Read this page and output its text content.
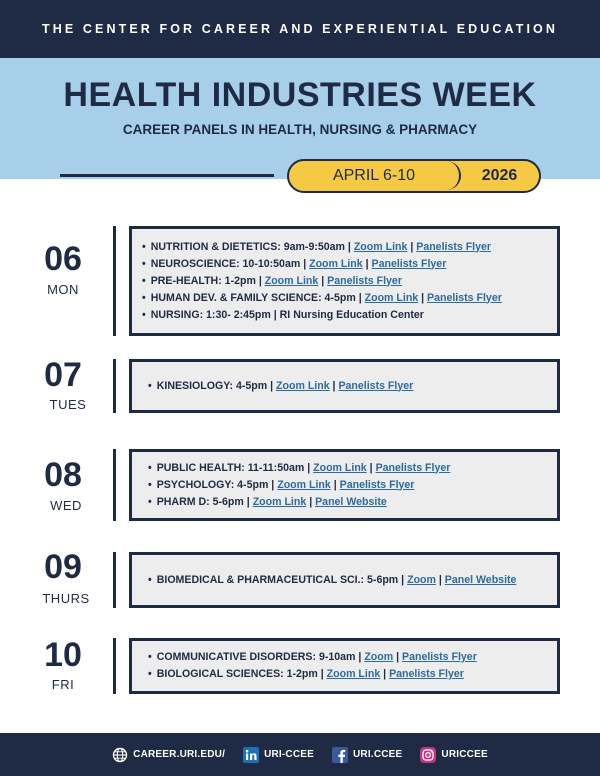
THE CENTER FOR CAREER AND EXPERIENTIAL EDUCATION
HEALTH INDUSTRIES WEEK
CAREER PANELS IN HEALTH, NURSING & PHARMACY
APRIL 6-10	2026
06
MON
• NUTRITION & DIETETICS: 9am-9:50am | Zoom Link | Panelists Flyer
• NEUROSCIENCE: 10-10:50am | Zoom Link | Panelists Flyer
• PRE-HEALTH: 1-2pm | Zoom Link | Panelists Flyer
• HUMAN DEV. & FAMILY SCIENCE: 4-5pm | Zoom Link | Panelists Flyer
• NURSING: 1:30- 2:45pm | RI Nursing Education Center
07
TUES
• KINESIOLOGY: 4-5pm | Zoom Link | Panelists Flyer
08
WED
• PUBLIC HEALTH: 11-11:50am | Zoom Link | Panelists Flyer
• PSYCHOLOGY: 4-5pm | Zoom Link | Panelists Flyer
• PHARM D: 5-6pm | Zoom Link | Panel Website
09
THURS
• BIOMEDICAL & PHARMACEUTICAL SCI.: 5-6pm | Zoom | Panel Website
10
FRI
• COMMUNICATIVE DISORDERS: 9-10am | Zoom | Panelists Flyer
• BIOLOGICAL SCIENCES: 1-2pm | Zoom Link | Panelists Flyer
CAREER.URI.EDU/	URI-CCEE	URI.CCEE	URICCEE
